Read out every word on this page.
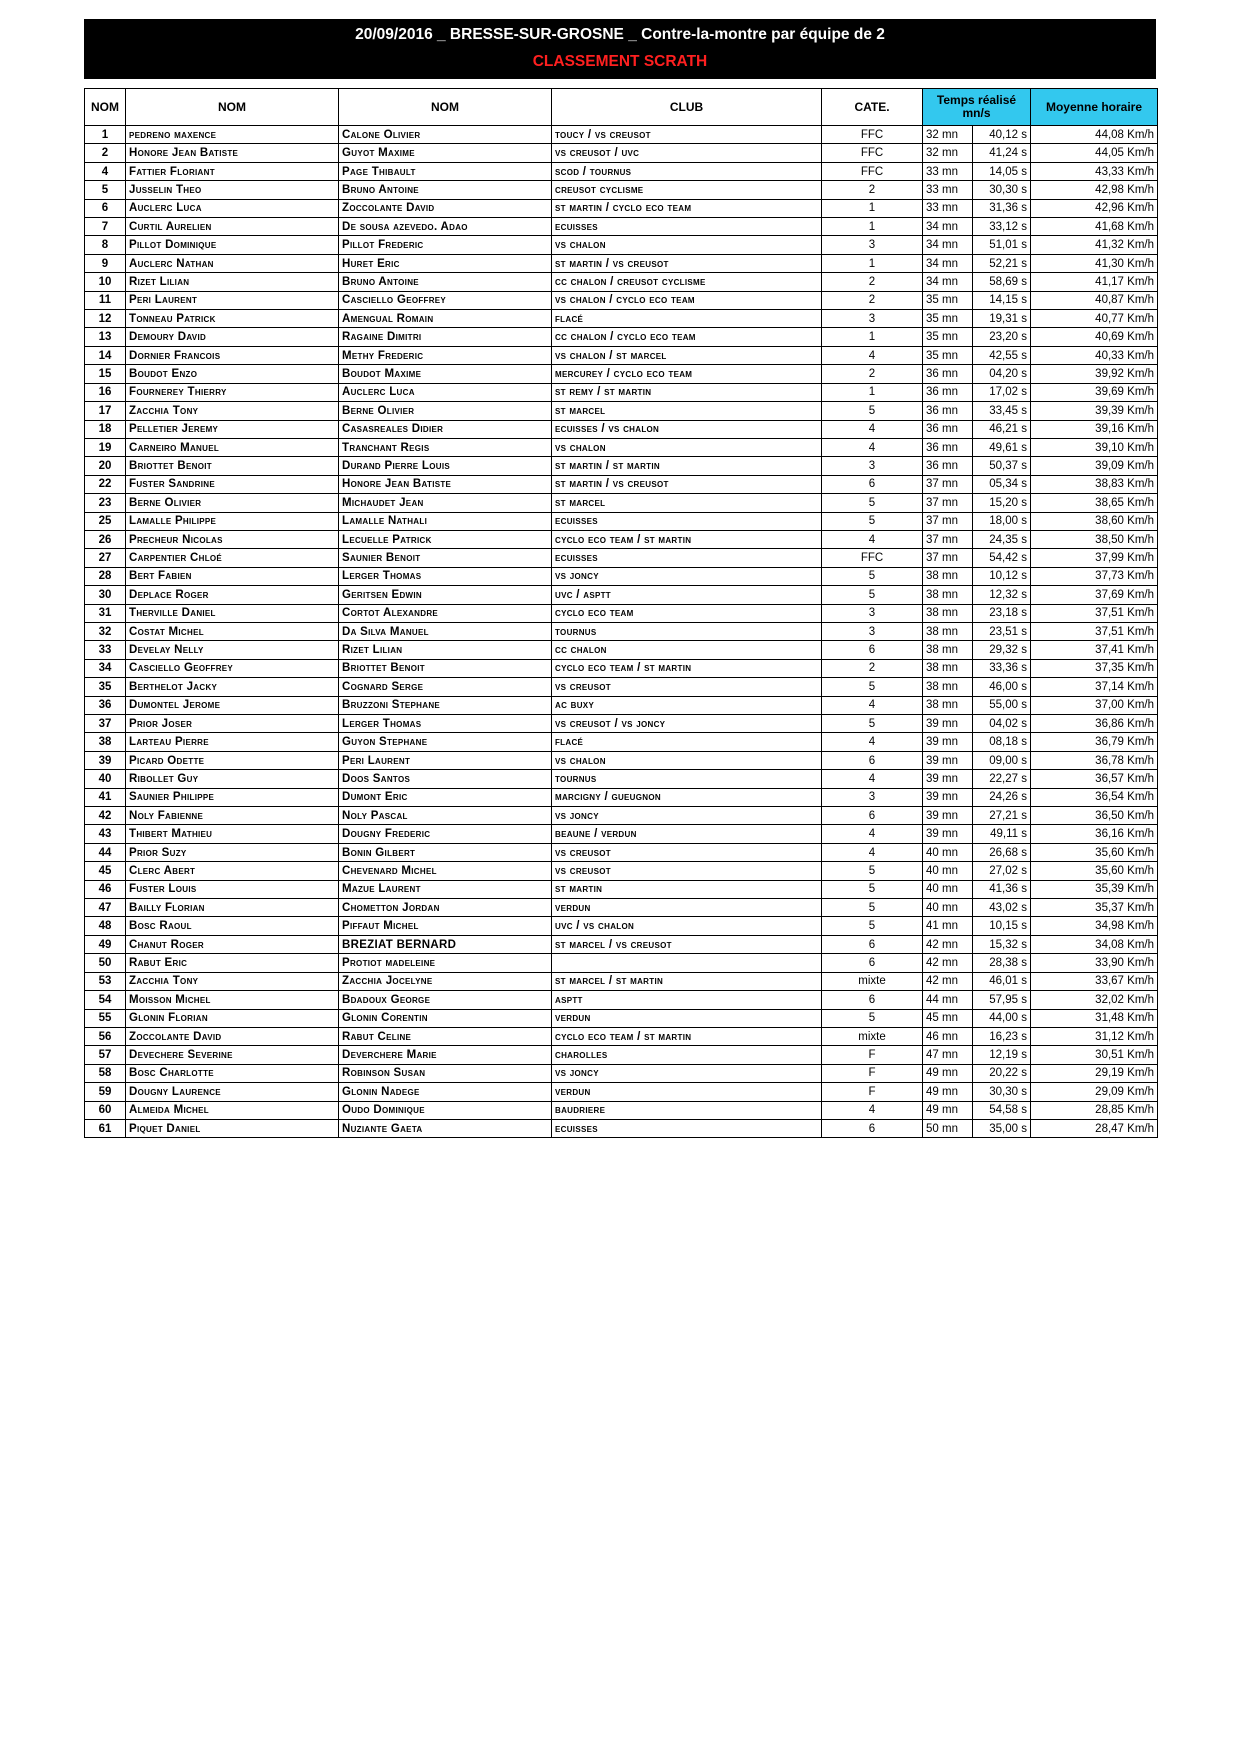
20/09/2016 _ BRESSE-SUR-GROSNE _ Contre-la-montre par équipe de 2
CLASSEMENT SCRATH
NOM	NOM	NOM	CLUB	CATE.	Temps réalisé mn/s		Moyenne horaire
1	pedreno maxence	Calone Olivier	toucy / vs creusot	FFC	32 mn	40,12 s	44,08 Km/h
2	Honore Jean Batiste	Guyot Maxime	vs creusot / uvc	FFC	32 mn	41,24 s	44,05 Km/h
4	Fattier Floriant	Page Thibault	scod / tournus	FFC	33 mn	14,05 s	43,33 Km/h
5	Jusselin Theo	Bruno Antoine	creusot cyclisme	2	33 mn	30,30 s	42,98 Km/h
6	Auclerc Luca	Zoccolante David	st martin / cyclo eco team	1	33 mn	31,36 s	42,96 Km/h
7	Curtil Aurelien	De sousa azevedo. Adao	ecuisses	1	34 mn	33,12 s	41,68 Km/h
8	Pillot Dominique	Pillot Frederic	vs chalon	3	34 mn	51,01 s	41,32 Km/h
9	Auclerc Nathan	Huret Eric	st martin / vs creusot	1	34 mn	52,21 s	41,30 Km/h
10	Rizet Lilian	Bruno Antoine	cc chalon / creusot cyclisme	2	34 mn	58,69 s	41,17 Km/h
11	Peri Laurent	Casciello Geoffrey	vs chalon / cyclo eco team	2	35 mn	14,15 s	40,87 Km/h
12	Tonneau Patrick	Amengual Romain	flacé	3	35 mn	19,31 s	40,77 Km/h
13	Demoury David	Ragaine Dimitri	cc chalon / cyclo eco team	1	35 mn	23,20 s	40,69 Km/h
14	Dornier Francois	Methy Frederic	vs chalon / st marcel	4	35 mn	42,55 s	40,33 Km/h
15	Boudot Enzo	Boudot Maxime	mercurey / cyclo eco team	2	36 mn	04,20 s	39,92 Km/h
16	Fournerey Thierry	Auclerc Luca	st remy / st martin	1	36 mn	17,02 s	39,69 Km/h
17	Zacchia Tony	Berne Olivier	st marcel	5	36 mn	33,45 s	39,39 Km/h
18	Pelletier Jeremy	Casasreales Didier	ecuisses / vs chalon	4	36 mn	46,21 s	39,16 Km/h
19	Carneiro Manuel	Tranchant Regis	vs chalon	4	36 mn	49,61 s	39,10 Km/h
20	Briottet Benoit	Durand Pierre Louis	st martin / st martin	3	36 mn	50,37 s	39,09 Km/h
22	Fuster Sandrine	Honore Jean Batiste	st martin / vs creusot	6	37 mn	05,34 s	38,83 Km/h
23	Berne Olivier	Michaudet Jean	st marcel	5	37 mn	15,20 s	38,65 Km/h
25	Lamalle Philippe	Lamalle Nathali	ecuisses	5	37 mn	18,00 s	38,60 Km/h
26	Precheur Nicolas	Lecuelle Patrick	cyclo eco team / st martin	4	37 mn	24,35 s	38,50 Km/h
27	Carpentier Chloé	Saunier Benoit	ecuisses	FFC	37 mn	54,42 s	37,99 Km/h
28	Bert Fabien	Lerger Thomas	vs joncy	5	38 mn	10,12 s	37,73 Km/h
30	Deplace Roger	Geritsen Edwin	uvc / asptt	5	38 mn	12,32 s	37,69 Km/h
31	Therville Daniel	Cortot Alexandre	cyclo eco team	3	38 mn	23,18 s	37,51 Km/h
32	Costat Michel	Da Silva Manuel	tournus	3	38 mn	23,51 s	37,51 Km/h
33	Develay Nelly	Rizet Lilian	cc chalon	6	38 mn	29,32 s	37,41 Km/h
34	Casciello Geoffrey	Briottet Benoit	cyclo eco team / st martin	2	38 mn	33,36 s	37,35 Km/h
35	Berthelot Jacky	Cognard Serge	vs creusot	5	38 mn	46,00 s	37,14 Km/h
36	Dumontel Jerome	Bruzzoni Stephane	ac buxy	4	38 mn	55,00 s	37,00 Km/h
37	Prior Joser	Lerger Thomas	vs creusot / vs joncy	5	39 mn	04,02 s	36,86 Km/h
38	Larteau Pierre	Guyon Stephane	flacé	4	39 mn	08,18 s	36,79 Km/h
39	Picard Odette	Peri Laurent	vs chalon	6	39 mn	09,00 s	36,78 Km/h
40	Ribollet Guy	Doos Santos	tournus	4	39 mn	22,27 s	36,57 Km/h
41	Saunier Philippe	Dumont Eric	marcigny / gueugnon	3	39 mn	24,26 s	36,54 Km/h
42	Noly Fabienne	Noly Pascal	vs joncy	6	39 mn	27,21 s	36,50 Km/h
43	Thibert Mathieu	Dougny Frederic	beaune / verdun	4	39 mn	49,11 s	36,16 Km/h
44	Prior Suzy	Bonin Gilbert	vs creusot	4	40 mn	26,68 s	35,60 Km/h
45	Clerc Abert	Chevenard Michel	vs creusot	5	40 mn	27,02 s	35,60 Km/h
46	Fuster Louis	Mazue Laurent	st martin	5	40 mn	41,36 s	35,39 Km/h
47	Bailly Florian	Chometton Jordan	verdun	5	40 mn	43,02 s	35,37 Km/h
48	Bosc Raoul	Piffaut Michel	uvc / vs chalon	5	41 mn	10,15 s	34,98 Km/h
49	Chanut Roger	BREZIAT BERNARD	st marcel / vs creusot	6	42 mn	15,32 s	34,08 Km/h
50	Rabut Eric	Protiot madeleine		6	42 mn	28,38 s	33,90 Km/h
53	Zacchia Tony	Zacchia Jocelyne	st marcel / st martin	mixte	42 mn	46,01 s	33,67 Km/h
54	Moisson Michel	Bdadoux George	asptt	6	44 mn	57,95 s	32,02 Km/h
55	Glonin Florian	Glonin Corentin	verdun	5	45 mn	44,00 s	31,48 Km/h
56	Zoccolante David	Rabut Celine	cyclo eco team / st martin	mixte	46 mn	16,23 s	31,12 Km/h
57	Devechere Severine	Deverchere Marie	charolles	F	47 mn	12,19 s	30,51 Km/h
58	Bosc Charlotte	Robinson Susan	vs joncy	F	49 mn	20,22 s	29,19 Km/h
59	Dougny Laurence	Glonin Nadege	verdun	F	49 mn	30,30 s	29,09 Km/h
60	Almeida Michel	Oudo Dominique	baudriere	4	49 mn	54,58 s	28,85 Km/h
61	Piquet Daniel	Nuziante Gaeta	ecuisses	6	50 mn	35,00 s	28,47 Km/h
